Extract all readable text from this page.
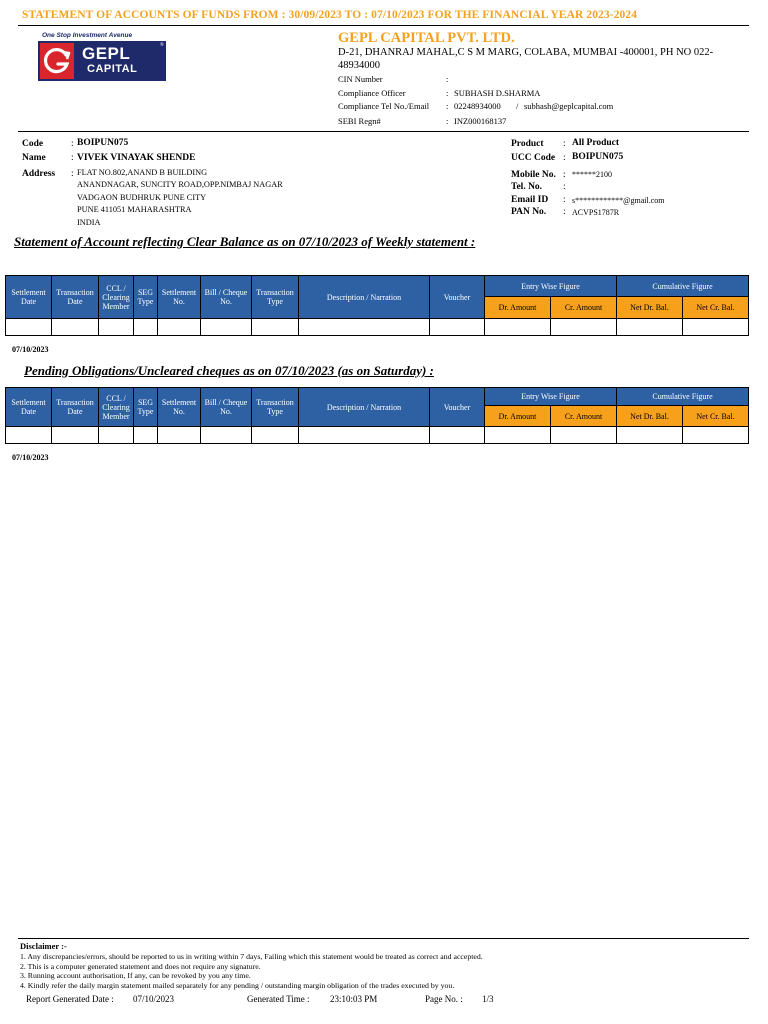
STATEMENT OF ACCOUNTS OF FUNDS FROM : 30/09/2023 TO : 07/10/2023 FOR THE FINANCIAL YEAR 2023-2024
One Stop Investment Avenue
GEPL
CAPITAL
®	GEPL CAPITAL PVT. LTD.
D-21, DHANRAJ MAHAL,C S M MARG, COLABA, MUMBAI -400001, PH NO 022-48934000
CIN Number	:
Compliance Officer	: SUBHASH D.SHARMA
Compliance Tel No./Email	: 02248934000 / subhash@geplcapital.com
SEBI Regn#	: INZ000168137
Code	: BOIPUN075
Name	: VIVEK VINAYAK SHENDE
Address : FLAT NO.802,ANAND B BUILDING
ANANDNAGAR, SUNCITY ROAD,OPP.NIMBAJ NAGAR
VADGAON BUDHRUK PUNE CITY
PUNE 411051 MAHARASHTRA
INDIA
Product : All Product
UCC Code : BOIPUN075
Mobile No. : ******2100
Tel. No. :
Email ID : s************@gmail.com
PAN No. : ACVPS1787R
Statement of Account reflecting Clear Balance as on 07/10/2023 of Weekly statement :
Settlement Date	Transaction Date	CCL / Clearing Member	SEG Type	Settlement No.	Bill / Cheque No.	Transaction Type	Description / Narration	Voucher	Entry Wise Figure		Cumulative Figure	
									Dr. Amount	Cr. Amount	Net Dr. Bal.	Net Cr. Bal.

07/10/2023
Pending Obligations/Uncleared cheques as on 07/10/2023 (as on Saturday) :
Settlement Date	Transaction Date	CCL / Clearing Member	SEG Type	Settlement No.	Bill / Cheque No.	Transaction Type	Description / Narration	Voucher	Entry Wise Figure		Cumulative Figure	
									Dr. Amount	Cr. Amount	Net Dr. Bal.	Net Cr. Bal.

07/10/2023
Disclaimer :-
1. Any discrepancies/errors, should be reported to us in writing within 7 days, Failing which this statement would be treated as correct and accepted.
2. This is a computer generated statement and does not require any signature.
3. Running account authorisation, If any, can be revoked by you any time.
4. Kindly refer the daily margin statement mailed separately for any pending / outstanding margin obligation of the trades executed by you.
Report Generated Date : 07/10/2023	Generated Time : 23:10:03 PM	Page No. : 1/3
